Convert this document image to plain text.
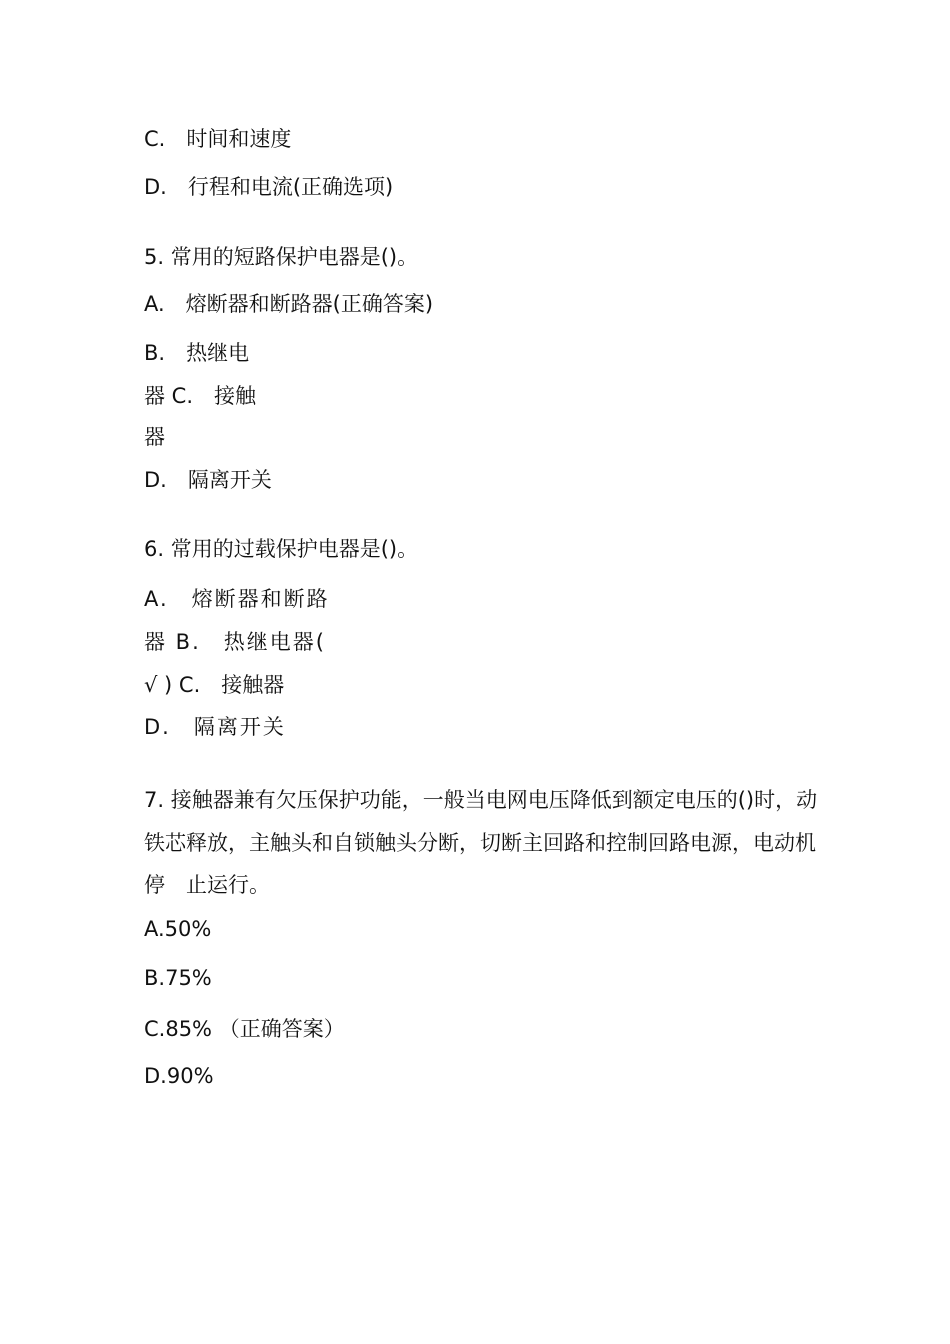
C.　时间和速度
D.　行程和电流(正确选项)
5. 常用的短路保护电器是()。
A.　熔断器和断路器(正确答案)
B.　热继电
器 C.　接触
器
D.　隔离开关
6. 常用的过载保护电器是()。
A.　熔断器和断路
器 B.　热继电器(
√ ) C.　接触器
D.　隔离开关
7. 接触器兼有欠压保护功能，一般当电网电压降低到额定电压的()时，动
铁芯释放，主触头和自锁触头分断，切断主回路和控制回路电源，电动机
停　止运行。
A.50%
B.75%
C.85% （正确答案）
D.90%
